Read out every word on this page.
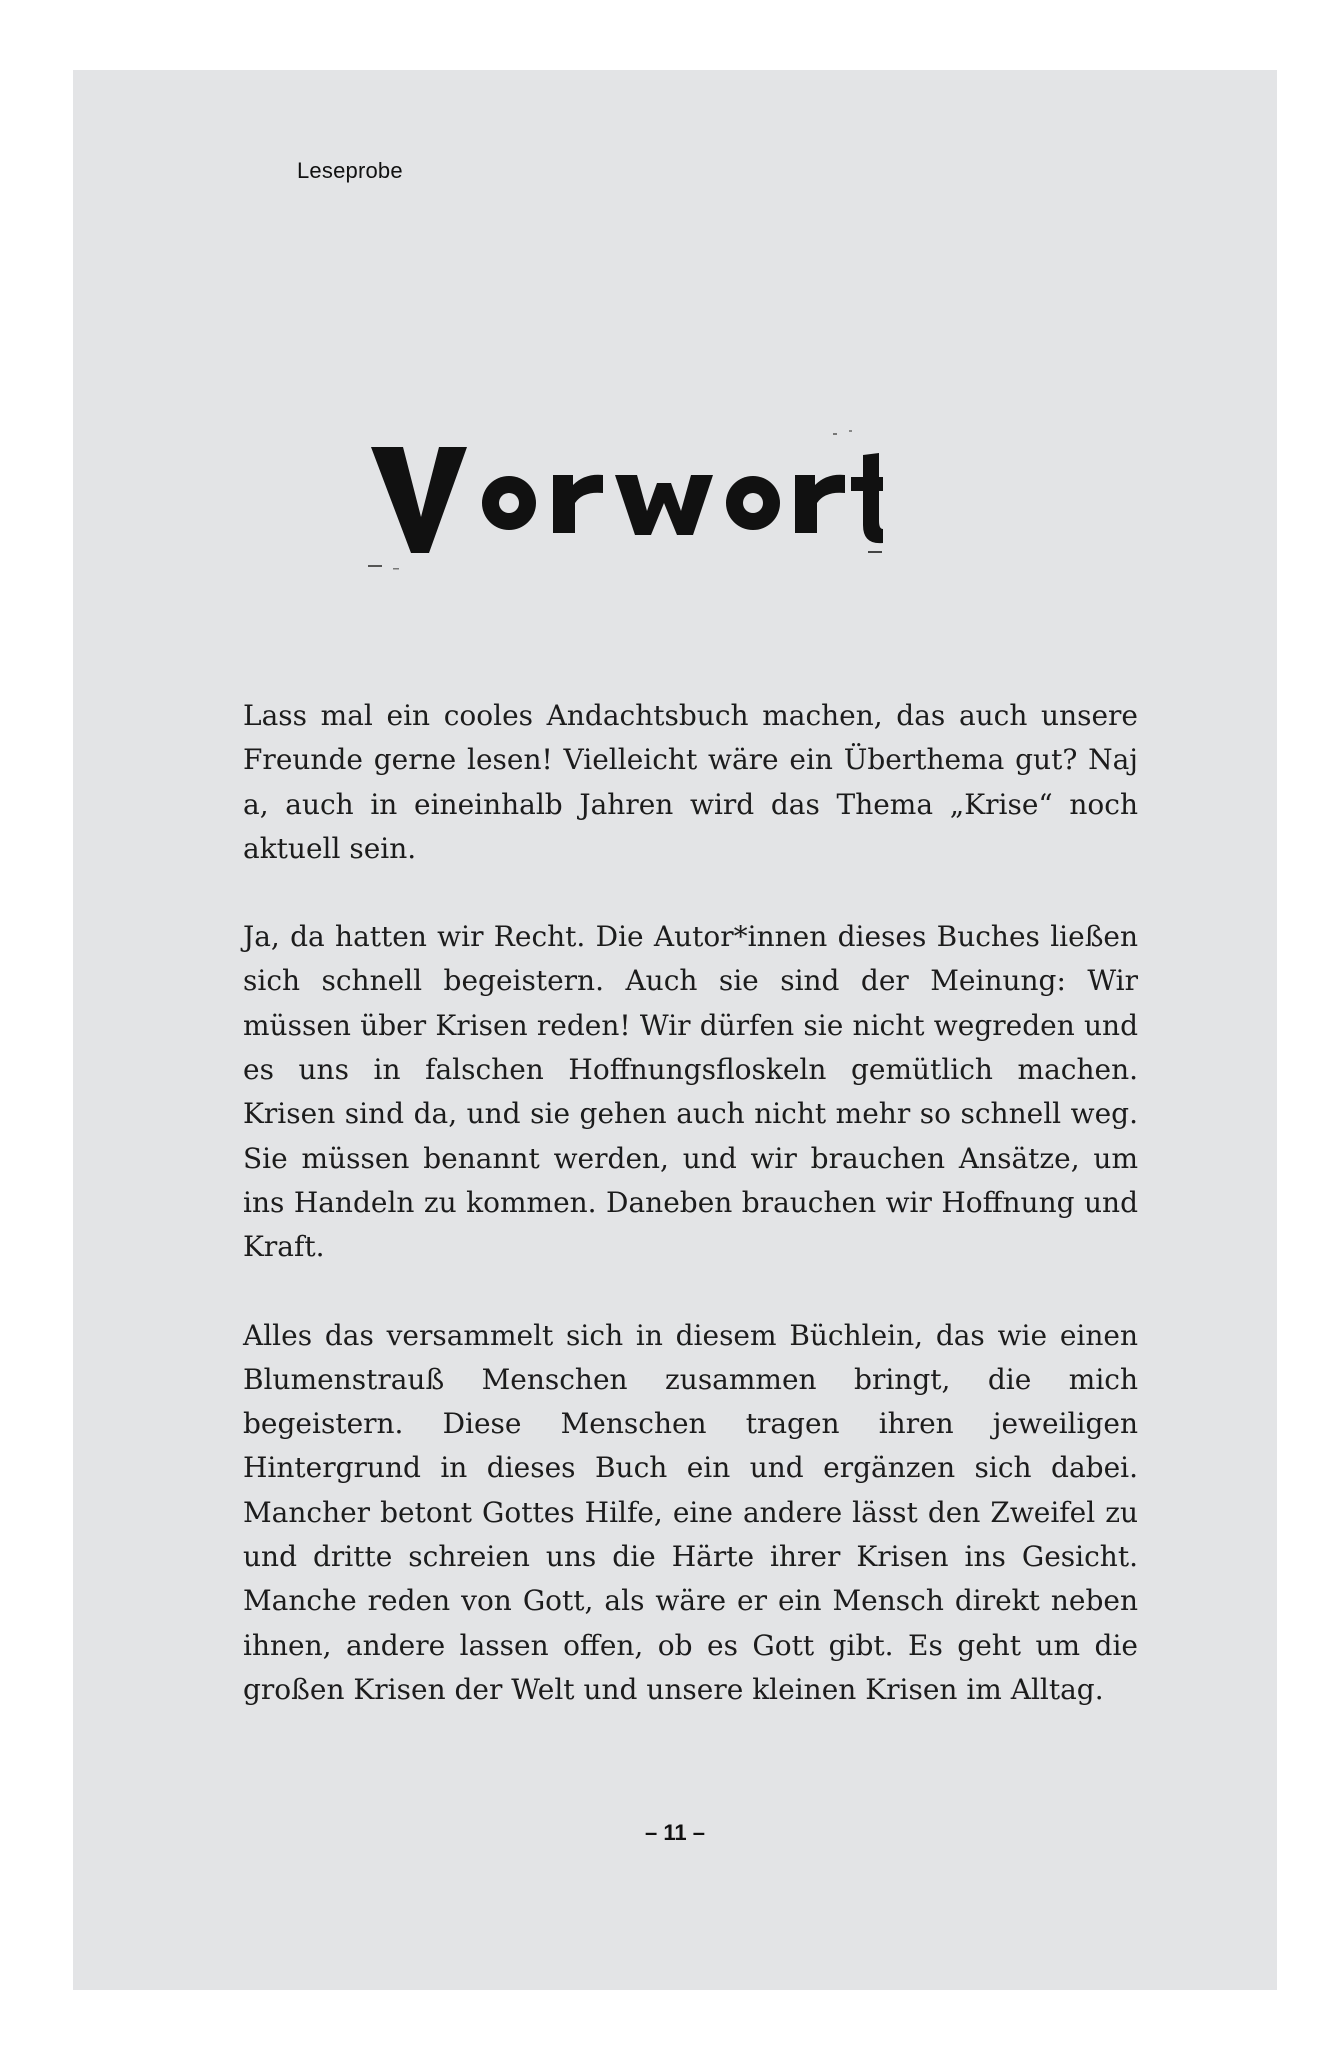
Leseprobe

Lass mal ein cooles Andachtsbuch machen, das auch unsere Freunde gerne lesen! Vielleicht wäre ein Überthema gut? Naj a, auch in eineinhalb Jahren wird das Thema „Krise“ noch aktuell sein.

Ja, da hatten wir Recht. Die Autor*innen dieses Buches ließen sich schnell begeistern. Auch sie sind der Meinung: Wir müssen über Krisen reden! Wir dürfen sie nicht wegreden und es uns in falschen Hoffnungsfloskeln gemütlich machen. Krisen sind da, und sie gehen auch nicht mehr so schnell weg. Sie müssen benannt werden, und wir brauchen Ansätze, um ins Handeln zu kommen. Daneben brauchen wir Hoffnung und Kraft.

Alles das versammelt sich in diesem Büchlein, das wie einen Blumenstrauß Menschen zusammen bringt, die mich begeistern. Diese Menschen tragen ihren jeweiligen Hintergrund in dieses Buch ein und ergänzen sich dabei. Mancher betont Gottes Hilfe, eine andere lässt den Zweifel zu und dritte schreien uns die Härte ihrer Krisen ins Gesicht. Manche reden von Gott, als wäre er ein Mensch direkt neben ihnen, andere lassen offen, ob es Gott gibt. Es geht um die großen Krisen der Welt und unsere kleinen Krisen im Alltag.

– 11 –
